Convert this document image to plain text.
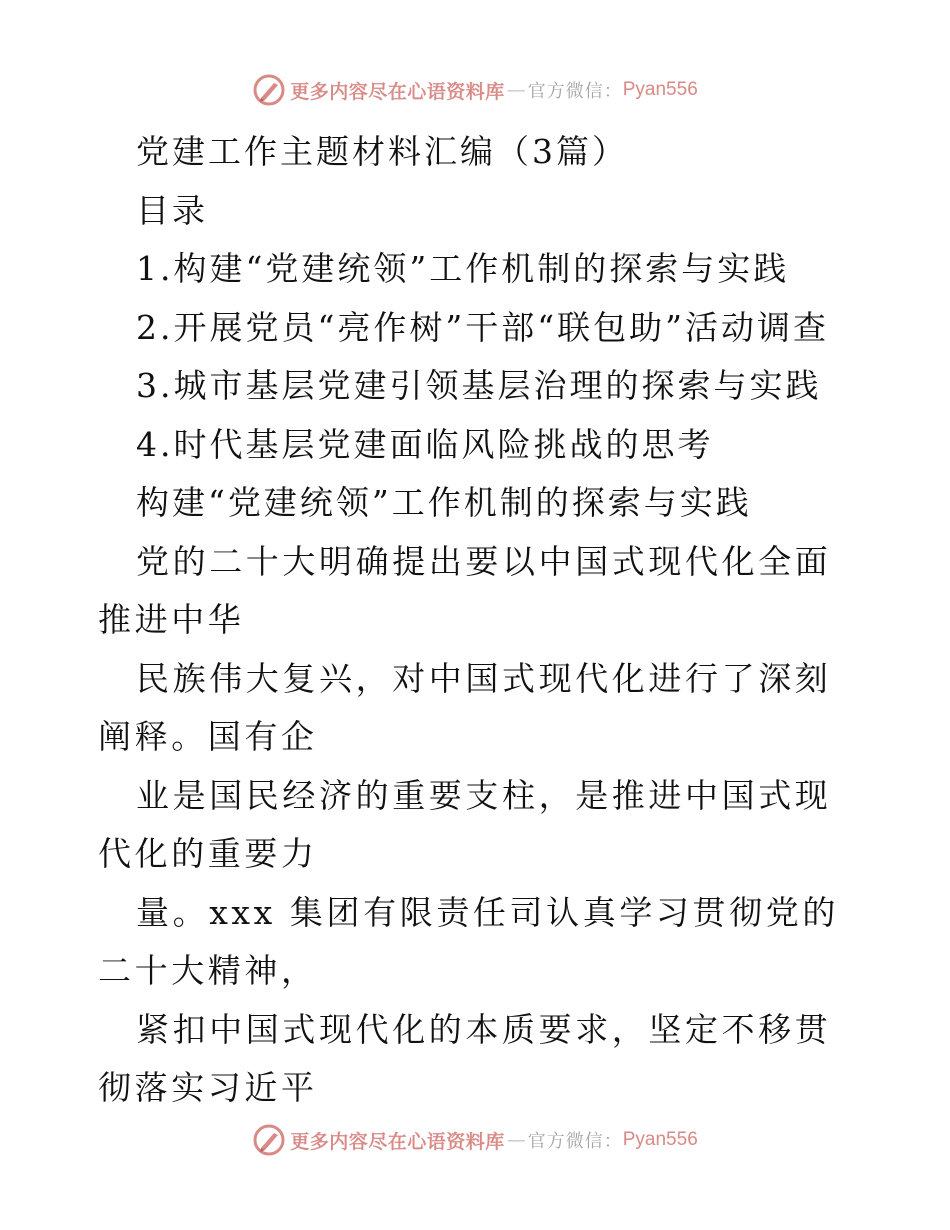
更多内容尽在心语资料库 — 官方微信： Pyan556
党建工作主题材料汇编（3篇）
目录
1.构建“党建统领”工作机制的探索与实践
2.开展党员“亮作树”干部“联包助”活动调查
3.城市基层党建引领基层治理的探索与实践
4.时代基层党建面临风险挑战的思考
构建“党建统领”工作机制的探索与实践
党的二十大明确提出要以中国式现代化全面推进中华
民族伟大复兴，对中国式现代化进行了深刻阐释。国有企
业是国民经济的重要支柱，是推进中国式现代化的重要力
量。xxx 集团有限责任司认真学习贯彻党的二十大精神，
紧扣中国式现代化的本质要求，坚定不移贯彻落实习近平
更多内容尽在心语资料库 — 官方微信： Pyan556
